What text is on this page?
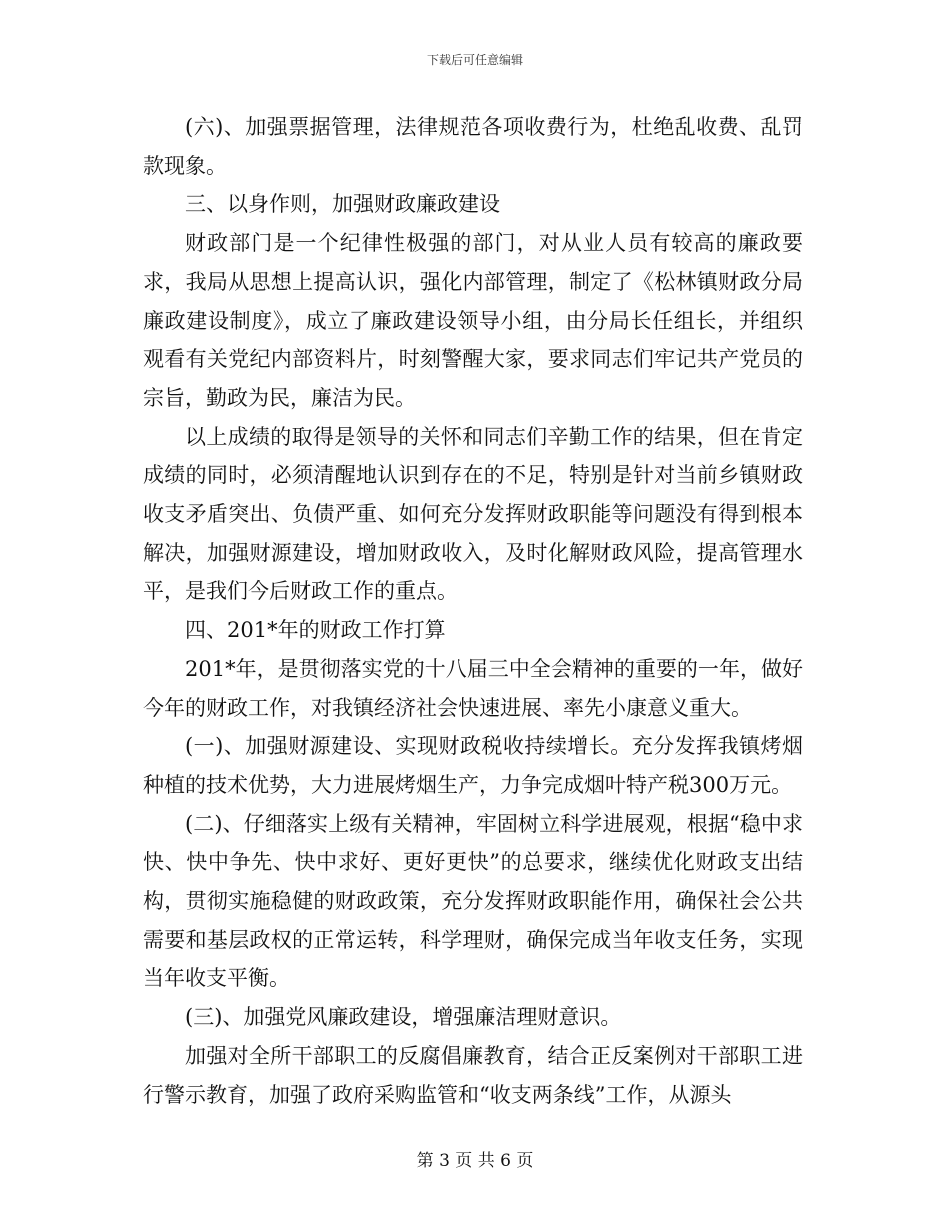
下载后可任意编辑

(六)、加强票据管理，法律规范各项收费行为，杜绝乱收费、乱罚款现象。

三、以身作则，加强财政廉政建设

财政部门是一个纪律性极强的部门，对从业人员有较高的廉政要求，我局从思想上提高认识，强化内部管理，制定了《松林镇财政分局廉政建设制度》，成立了廉政建设领导小组，由分局长任组长，并组织观看有关党纪内部资料片，时刻警醒大家，要求同志们牢记共产党员的宗旨，勤政为民，廉洁为民。

以上成绩的取得是领导的关怀和同志们辛勤工作的结果，但在肯定成绩的同时，必须清醒地认识到存在的不足，特别是针对当前乡镇财政收支矛盾突出、负债严重、如何充分发挥财政职能等问题没有得到根本解决，加强财源建设，增加财政收入，及时化解财政风险，提高管理水平，是我们今后财政工作的重点。

四、201*年的财政工作打算

201*年，是贯彻落实党的十八届三中全会精神的重要的一年，做好今年的财政工作，对我镇经济社会快速进展、率先小康意义重大。

(一)、加强财源建设、实现财政税收持续增长。充分发挥我镇烤烟种植的技术优势，大力进展烤烟生产，力争完成烟叶特产税300万元。

(二)、仔细落实上级有关精神，牢固树立科学进展观，根据“稳中求快、快中争先、快中求好、更好更快”的总要求，继续优化财政支出结构，贯彻实施稳健的财政政策，充分发挥财政职能作用，确保社会公共需要和基层政权的正常运转，科学理财，确保完成当年收支任务，实现当年收支平衡。

(三)、加强党风廉政建设，增强廉洁理财意识。

加强对全所干部职工的反腐倡廉教育，结合正反案例对干部职工进行警示教育，加强了政府采购监管和“收支两条线”工作，从源头

第 3 页 共 6 页
